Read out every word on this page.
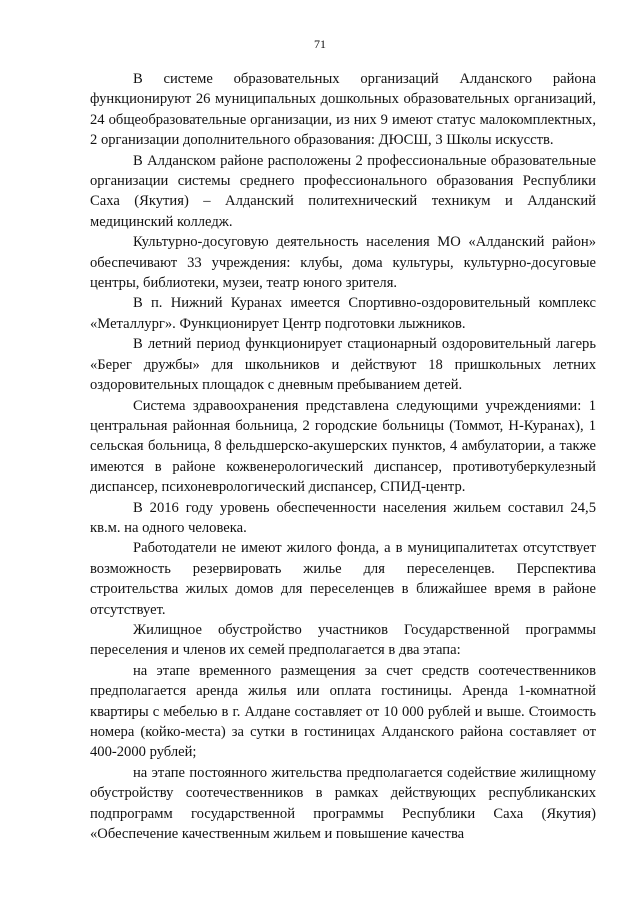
71

В системе образовательных организаций Алданского района функционируют 26 муниципальных дошкольных образовательных организаций, 24 общеобразовательные организации, из них 9 имеют статус малокомплектных, 2 организации дополнительного образования: ДЮСШ, 3 Школы искусств.

В Алданском районе расположены 2 профессиональные образовательные организации системы среднего профессионального образования Республики Саха (Якутия) – Алданский политехнический техникум и Алданский медицинский колледж.

Культурно-досуговую деятельность населения МО «Алданский район» обеспечивают 33 учреждения: клубы, дома культуры, культурно-досуговые центры, библиотеки, музеи, театр юного зрителя.

В п. Нижний Куранах имеется Спортивно-оздоровительный комплекс «Металлург». Функционирует Центр подготовки лыжников.

В летний период функционирует стационарный оздоровительный лагерь «Берег дружбы» для школьников и действуют 18 пришкольных летних оздоровительных площадок с дневным пребыванием детей.

Система здравоохранения представлена следующими учреждениями: 1 центральная районная больница, 2 городские больницы (Томмот, Н-Куранах), 1 сельская больница, 8 фельдшерско-акушерских пунктов, 4 амбулатории, а также имеются в районе кожвенерологический диспансер, противотуберкулезный диспансер, психоневрологический диспансер, СПИД-центр.

В 2016 году уровень обеспеченности населения жильем составил 24,5 кв.м. на одного человека.

Работодатели не имеют жилого фонда, а в муниципалитетах отсутствует возможность резервировать жилье для переселенцев. Перспектива строительства жилых домов для переселенцев в ближайшее время в районе отсутствует.

Жилищное обустройство участников Государственной программы переселения и членов их семей предполагается в два этапа:

на этапе временного размещения за счет средств соотечественников предполагается аренда жилья или оплата гостиницы. Аренда 1-комнатной квартиры с мебелью в г. Алдане составляет от 10 000 рублей и выше. Стоимость номера (койко-места) за сутки в гостиницах Алданского района составляет от 400-2000 рублей;

на этапе постоянного жительства предполагается содействие жилищному обустройству соотечественников в рамках действующих республиканских подпрограмм государственной программы Республики Саха (Якутия) «Обеспечение качественным жильем и повышение качества
